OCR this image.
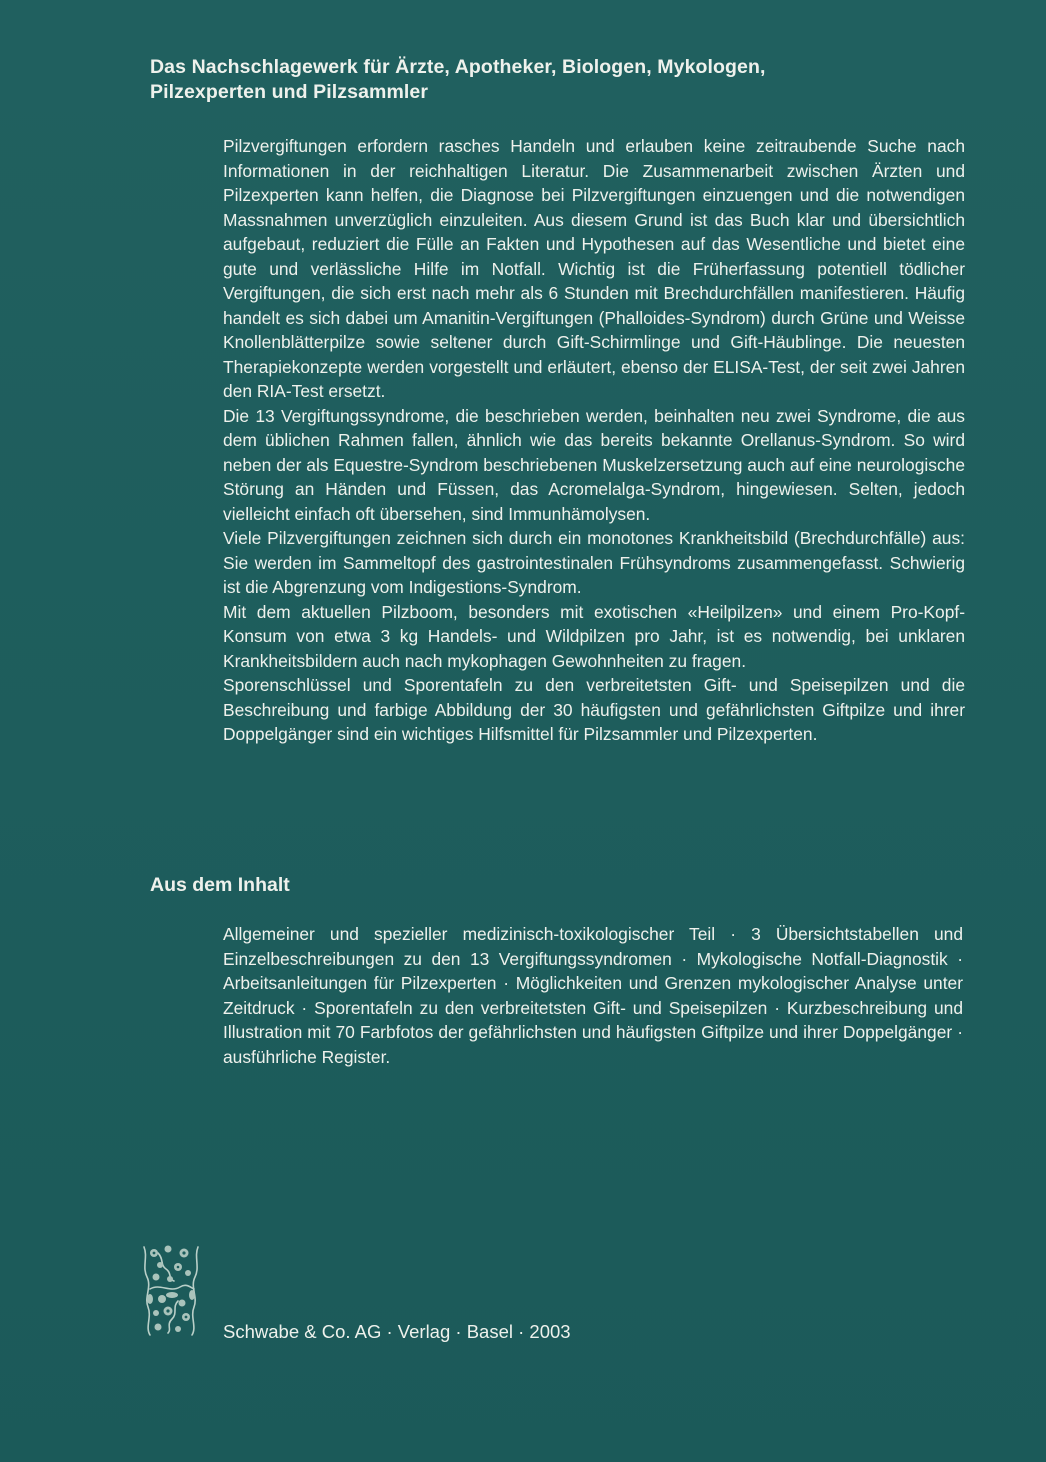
Das Nachschlagewerk für Ärzte, Apotheker, Biologen, Mykologen,
Pilzexperten und Pilzsammler

Pilzvergiftungen erfordern rasches Handeln und erlauben keine zeitraubende Suche nach Informationen in der reichhaltigen Literatur. Die Zusammenarbeit zwischen Ärzten und Pilzexperten kann helfen, die Diagnose bei Pilzvergiftungen einzuengen und die notwendigen Massnahmen unverzüglich einzuleiten. Aus diesem Grund ist das Buch klar und übersichtlich aufgebaut, reduziert die Fülle an Fakten und Hypothesen auf das Wesentliche und bietet eine gute und verlässliche Hilfe im Notfall. Wichtig ist die Früherfassung potentiell tödlicher Vergiftungen, die sich erst nach mehr als 6 Stunden mit Brechdurchfällen manifestieren. Häufig handelt es sich dabei um Amanitin-Vergiftungen (Phalloides-Syndrom) durch Grüne und Weisse Knollenblätterpilze sowie seltener durch Gift-Schirmlinge und Gift-Häublinge. Die neuesten Therapiekonzepte werden vorgestellt und erläutert, ebenso der ELISA-Test, der seit zwei Jahren den RIA-Test ersetzt.

Die 13 Vergiftungssyndrome, die beschrieben werden, beinhalten neu zwei Syndrome, die aus dem üblichen Rahmen fallen, ähnlich wie das bereits bekannte Orellanus-Syndrom. So wird neben der als Equestre-Syndrom beschriebenen Muskelzersetzung auch auf eine neurologische Störung an Händen und Füssen, das Acromelalga-Syndrom, hingewiesen. Selten, jedoch vielleicht einfach oft übersehen, sind Immunhämolysen.

Viele Pilzvergiftungen zeichnen sich durch ein monotones Krankheitsbild (Brechdurchfälle) aus: Sie werden im Sammeltopf des gastrointestinalen Frühsyndroms zusammengefasst. Schwierig ist die Abgrenzung vom Indigestions-Syndrom.

Mit dem aktuellen Pilzboom, besonders mit exotischen «Heilpilzen» und einem Pro-Kopf-Konsum von etwa 3 kg Handels- und Wildpilzen pro Jahr, ist es notwendig, bei unklaren Krankheitsbildern auch nach mykophagen Gewohnheiten zu fragen.

Sporenschlüssel und Sporentafeln zu den verbreitetsten Gift- und Speisepilzen und die Beschreibung und farbige Abbildung der 30 häufigsten und gefährlichsten Giftpilze und ihrer Doppelgänger sind ein wichtiges Hilfsmittel für Pilzsammler und Pilzexperten.

Aus dem Inhalt

Allgemeiner und spezieller medizinisch-toxikologischer Teil · 3 Übersichtstabellen und Einzelbeschreibungen zu den 13 Vergiftungssyndromen · Mykologische Notfall-Diagnostik · Arbeitsanleitungen für Pilzexperten · Möglichkeiten und Grenzen mykologischer Analyse unter Zeitdruck · Sporentafeln zu den verbreitetsten Gift- und Speisepilzen · Kurzbeschreibung und Illustration mit 70 Farbfotos der gefährlichsten und häufigsten Giftpilze und ihrer Doppelgänger · ausführliche Register.

Schwabe & Co. AG · Verlag · Basel · 2003
